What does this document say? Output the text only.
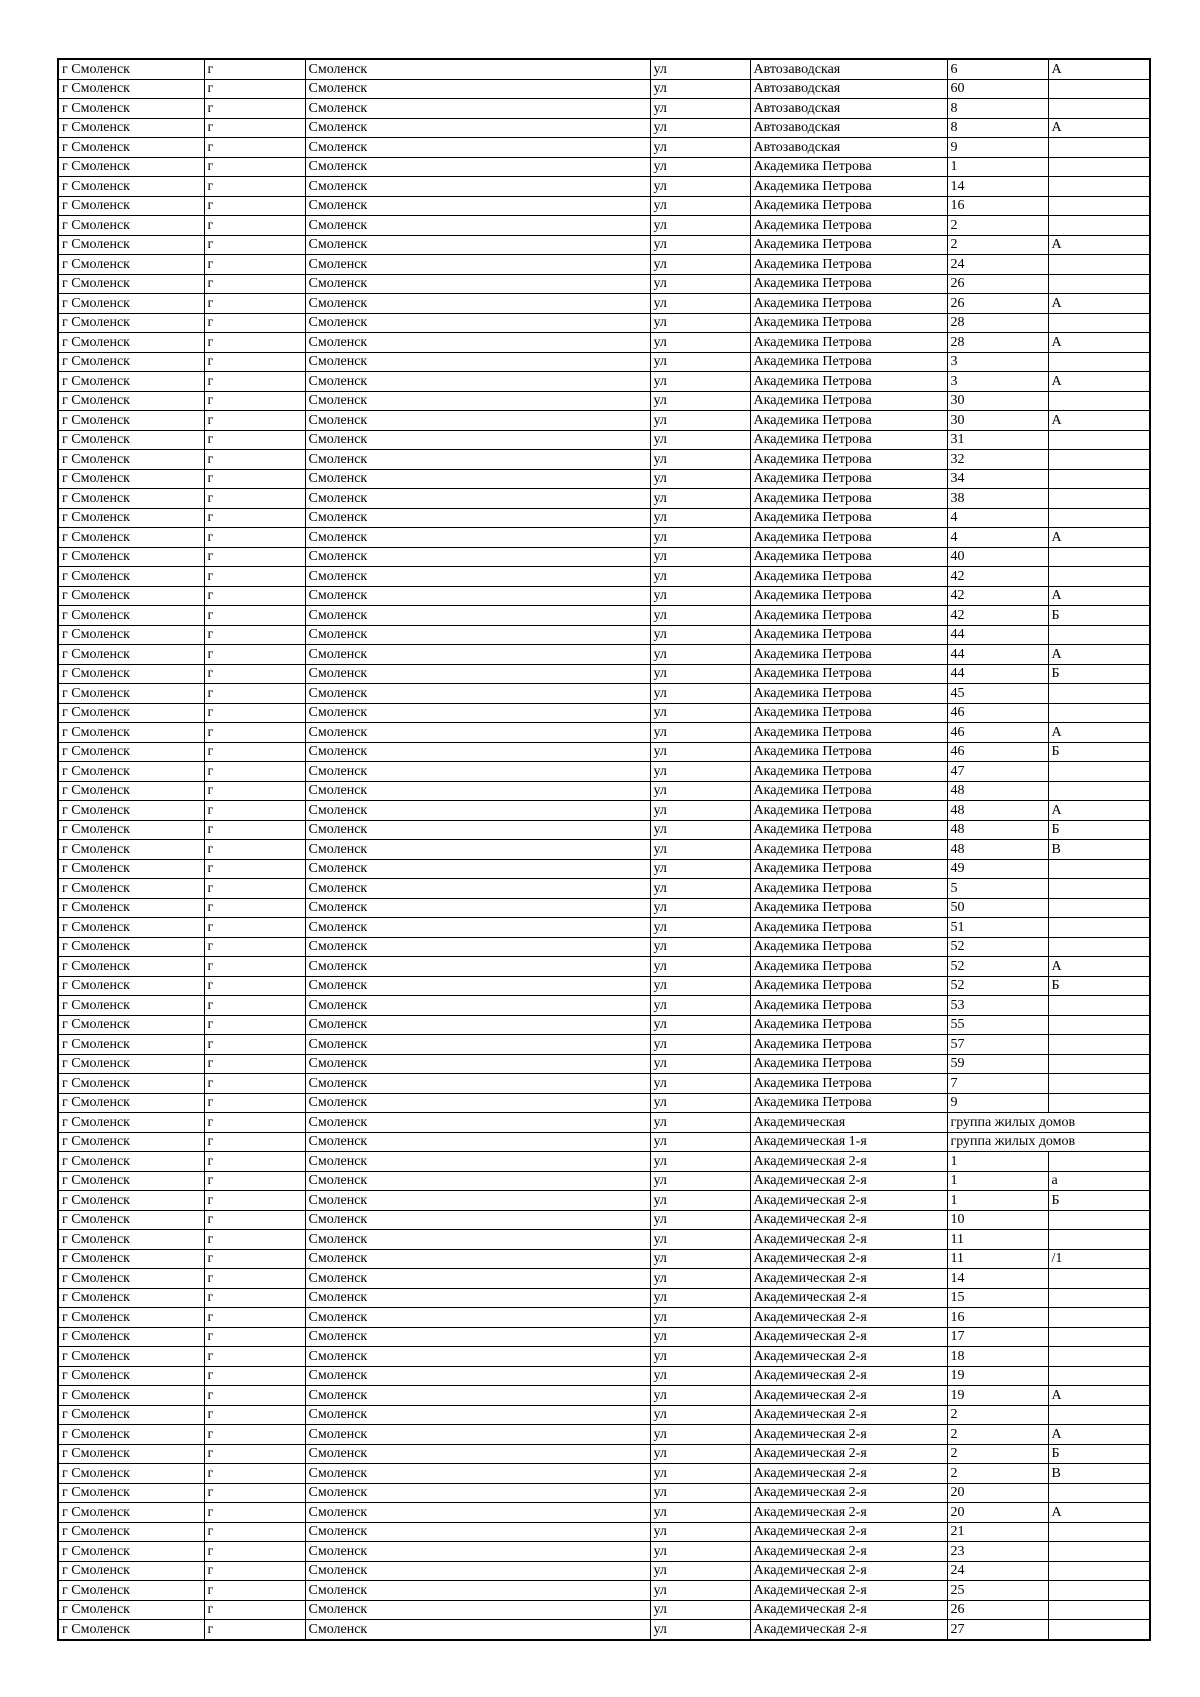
г Смоленск	г	Смоленск	ул	Автозаводская	6	А
г Смоленск	г	Смоленск	ул	Автозаводская	60	
г Смоленск	г	Смоленск	ул	Автозаводская	8	
г Смоленск	г	Смоленск	ул	Автозаводская	8	А
г Смоленск	г	Смоленск	ул	Автозаводская	9	
г Смоленск	г	Смоленск	ул	Академика Петрова	1	
г Смоленск	г	Смоленск	ул	Академика Петрова	14	
г Смоленск	г	Смоленск	ул	Академика Петрова	16	
г Смоленск	г	Смоленск	ул	Академика Петрова	2	
г Смоленск	г	Смоленск	ул	Академика Петрова	2	А
г Смоленск	г	Смоленск	ул	Академика Петрова	24	
г Смоленск	г	Смоленск	ул	Академика Петрова	26	
г Смоленск	г	Смоленск	ул	Академика Петрова	26	А
г Смоленск	г	Смоленск	ул	Академика Петрова	28	
г Смоленск	г	Смоленск	ул	Академика Петрова	28	А
г Смоленск	г	Смоленск	ул	Академика Петрова	3	
г Смоленск	г	Смоленск	ул	Академика Петрова	3	А
г Смоленск	г	Смоленск	ул	Академика Петрова	30	
г Смоленск	г	Смоленск	ул	Академика Петрова	30	А
г Смоленск	г	Смоленск	ул	Академика Петрова	31	
г Смоленск	г	Смоленск	ул	Академика Петрова	32	
г Смоленск	г	Смоленск	ул	Академика Петрова	34	
г Смоленск	г	Смоленск	ул	Академика Петрова	38	
г Смоленск	г	Смоленск	ул	Академика Петрова	4	
г Смоленск	г	Смоленск	ул	Академика Петрова	4	А
г Смоленск	г	Смоленск	ул	Академика Петрова	40	
г Смоленск	г	Смоленск	ул	Академика Петрова	42	
г Смоленск	г	Смоленск	ул	Академика Петрова	42	А
г Смоленск	г	Смоленск	ул	Академика Петрова	42	Б
г Смоленск	г	Смоленск	ул	Академика Петрова	44	
г Смоленск	г	Смоленск	ул	Академика Петрова	44	А
г Смоленск	г	Смоленск	ул	Академика Петрова	44	Б
г Смоленск	г	Смоленск	ул	Академика Петрова	45	
г Смоленск	г	Смоленск	ул	Академика Петрова	46	
г Смоленск	г	Смоленск	ул	Академика Петрова	46	А
г Смоленск	г	Смоленск	ул	Академика Петрова	46	Б
г Смоленск	г	Смоленск	ул	Академика Петрова	47	
г Смоленск	г	Смоленск	ул	Академика Петрова	48	
г Смоленск	г	Смоленск	ул	Академика Петрова	48	А
г Смоленск	г	Смоленск	ул	Академика Петрова	48	Б
г Смоленск	г	Смоленск	ул	Академика Петрова	48	В
г Смоленск	г	Смоленск	ул	Академика Петрова	49	
г Смоленск	г	Смоленск	ул	Академика Петрова	5	
г Смоленск	г	Смоленск	ул	Академика Петрова	50	
г Смоленск	г	Смоленск	ул	Академика Петрова	51	
г Смоленск	г	Смоленск	ул	Академика Петрова	52	
г Смоленск	г	Смоленск	ул	Академика Петрова	52	А
г Смоленск	г	Смоленск	ул	Академика Петрова	52	Б
г Смоленск	г	Смоленск	ул	Академика Петрова	53	
г Смоленск	г	Смоленск	ул	Академика Петрова	55	
г Смоленск	г	Смоленск	ул	Академика Петрова	57	
г Смоленск	г	Смоленск	ул	Академика Петрова	59	
г Смоленск	г	Смоленск	ул	Академика Петрова	7	
г Смоленск	г	Смоленск	ул	Академика Петрова	9	
г Смоленск	г	Смоленск	ул	Академическая	группа жилых домов	
г Смоленск	г	Смоленск	ул	Академическая 1-я	группа жилых домов	
г Смоленск	г	Смоленск	ул	Академическая 2-я	1	
г Смоленск	г	Смоленск	ул	Академическая 2-я	1	а
г Смоленск	г	Смоленск	ул	Академическая 2-я	1	Б
г Смоленск	г	Смоленск	ул	Академическая 2-я	10	
г Смоленск	г	Смоленск	ул	Академическая 2-я	11	
г Смоленск	г	Смоленск	ул	Академическая 2-я	11	/1
г Смоленск	г	Смоленск	ул	Академическая 2-я	14	
г Смоленск	г	Смоленск	ул	Академическая 2-я	15	
г Смоленск	г	Смоленск	ул	Академическая 2-я	16	
г Смоленск	г	Смоленск	ул	Академическая 2-я	17	
г Смоленск	г	Смоленск	ул	Академическая 2-я	18	
г Смоленск	г	Смоленск	ул	Академическая 2-я	19	
г Смоленск	г	Смоленск	ул	Академическая 2-я	19	А
г Смоленск	г	Смоленск	ул	Академическая 2-я	2	
г Смоленск	г	Смоленск	ул	Академическая 2-я	2	А
г Смоленск	г	Смоленск	ул	Академическая 2-я	2	Б
г Смоленск	г	Смоленск	ул	Академическая 2-я	2	В
г Смоленск	г	Смоленск	ул	Академическая 2-я	20	
г Смоленск	г	Смоленск	ул	Академическая 2-я	20	А
г Смоленск	г	Смоленск	ул	Академическая 2-я	21	
г Смоленск	г	Смоленск	ул	Академическая 2-я	23	
г Смоленск	г	Смоленск	ул	Академическая 2-я	24	
г Смоленск	г	Смоленск	ул	Академическая 2-я	25	
г Смоленск	г	Смоленск	ул	Академическая 2-я	26	
г Смоленск	г	Смоленск	ул	Академическая 2-я	27	
